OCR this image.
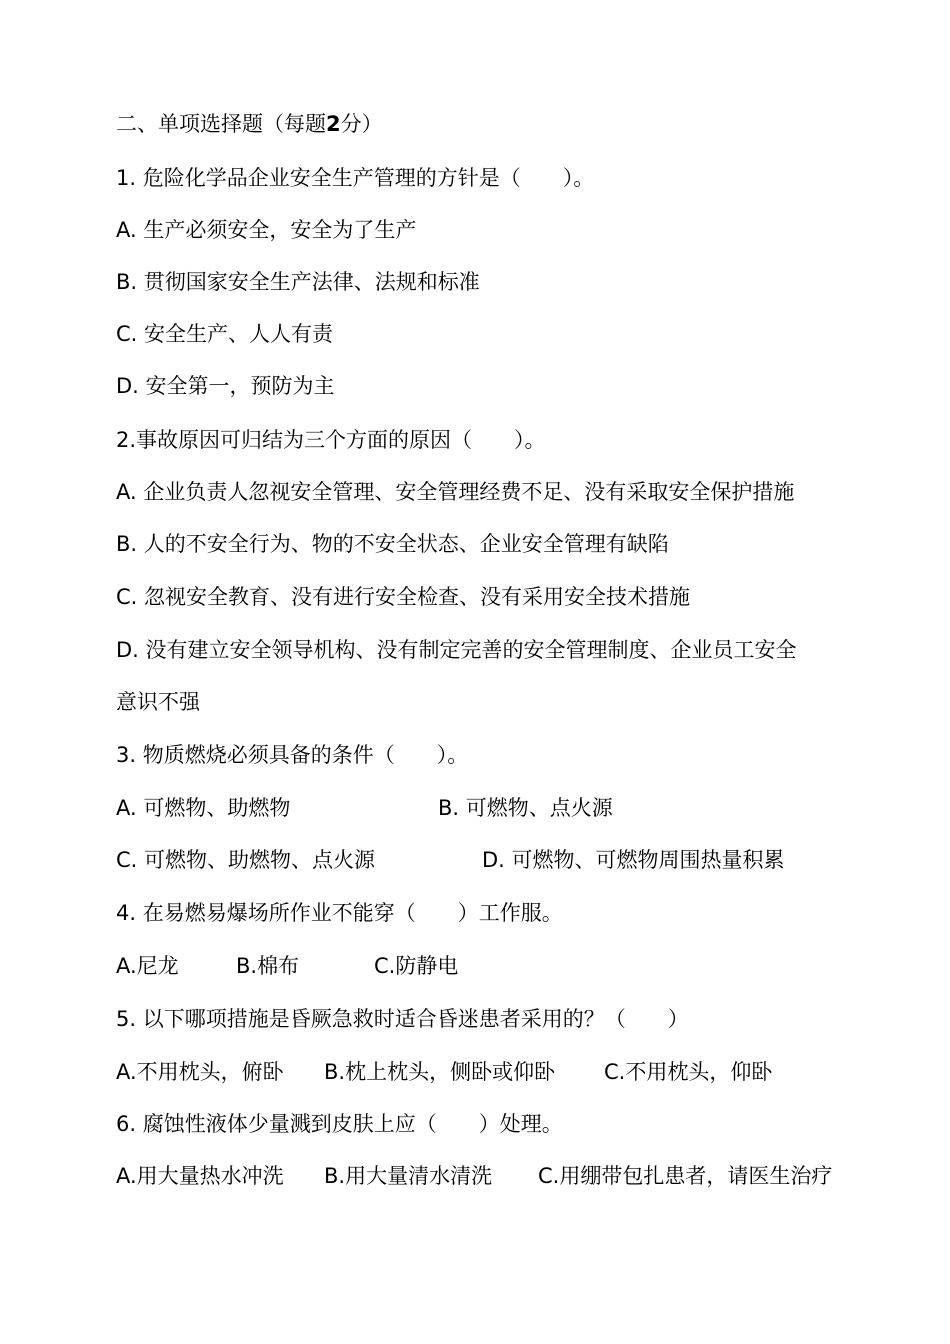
二、单项选择题（每题2分）
1. 危险化学品企业安全生产管理的方针是（　　）。
A. 生产必须安全，安全为了生产
B. 贯彻国家安全生产法律、法规和标准
C. 安全生产、人人有责
D. 安全第一，预防为主
2.事故原因可归结为三个方面的原因（　　）。
A. 企业负责人忽视安全管理、安全管理经费不足、没有采取安全保护措施
B. 人的不安全行为、物的不安全状态、企业安全管理有缺陷
C. 忽视安全教育、没有进行安全检查、没有采用安全技术措施
D. 没有建立安全领导机构、没有制定完善的安全管理制度、企业员工安全
意识不强
3. 物质燃烧必须具备的条件（　　）。
A. 可燃物、助燃物	B. 可燃物、点火源
C. 可燃物、助燃物、点火源	D. 可燃物、可燃物周围热量积累
4. 在易燃易爆场所作业不能穿（　　）工作服。
A.尼龙	B.棉布	C.防静电
5. 以下哪项措施是昏厥急救时适合昏迷患者采用的？（　　）
A.不用枕头，俯卧 B.枕上枕头，侧卧或仰卧 C.不用枕头，仰卧
6. 腐蚀性液体少量溅到皮肤上应（　　）处理。
A.用大量热水冲洗 B.用大量清水清洗 C.用绷带包扎患者，请医生治疗
